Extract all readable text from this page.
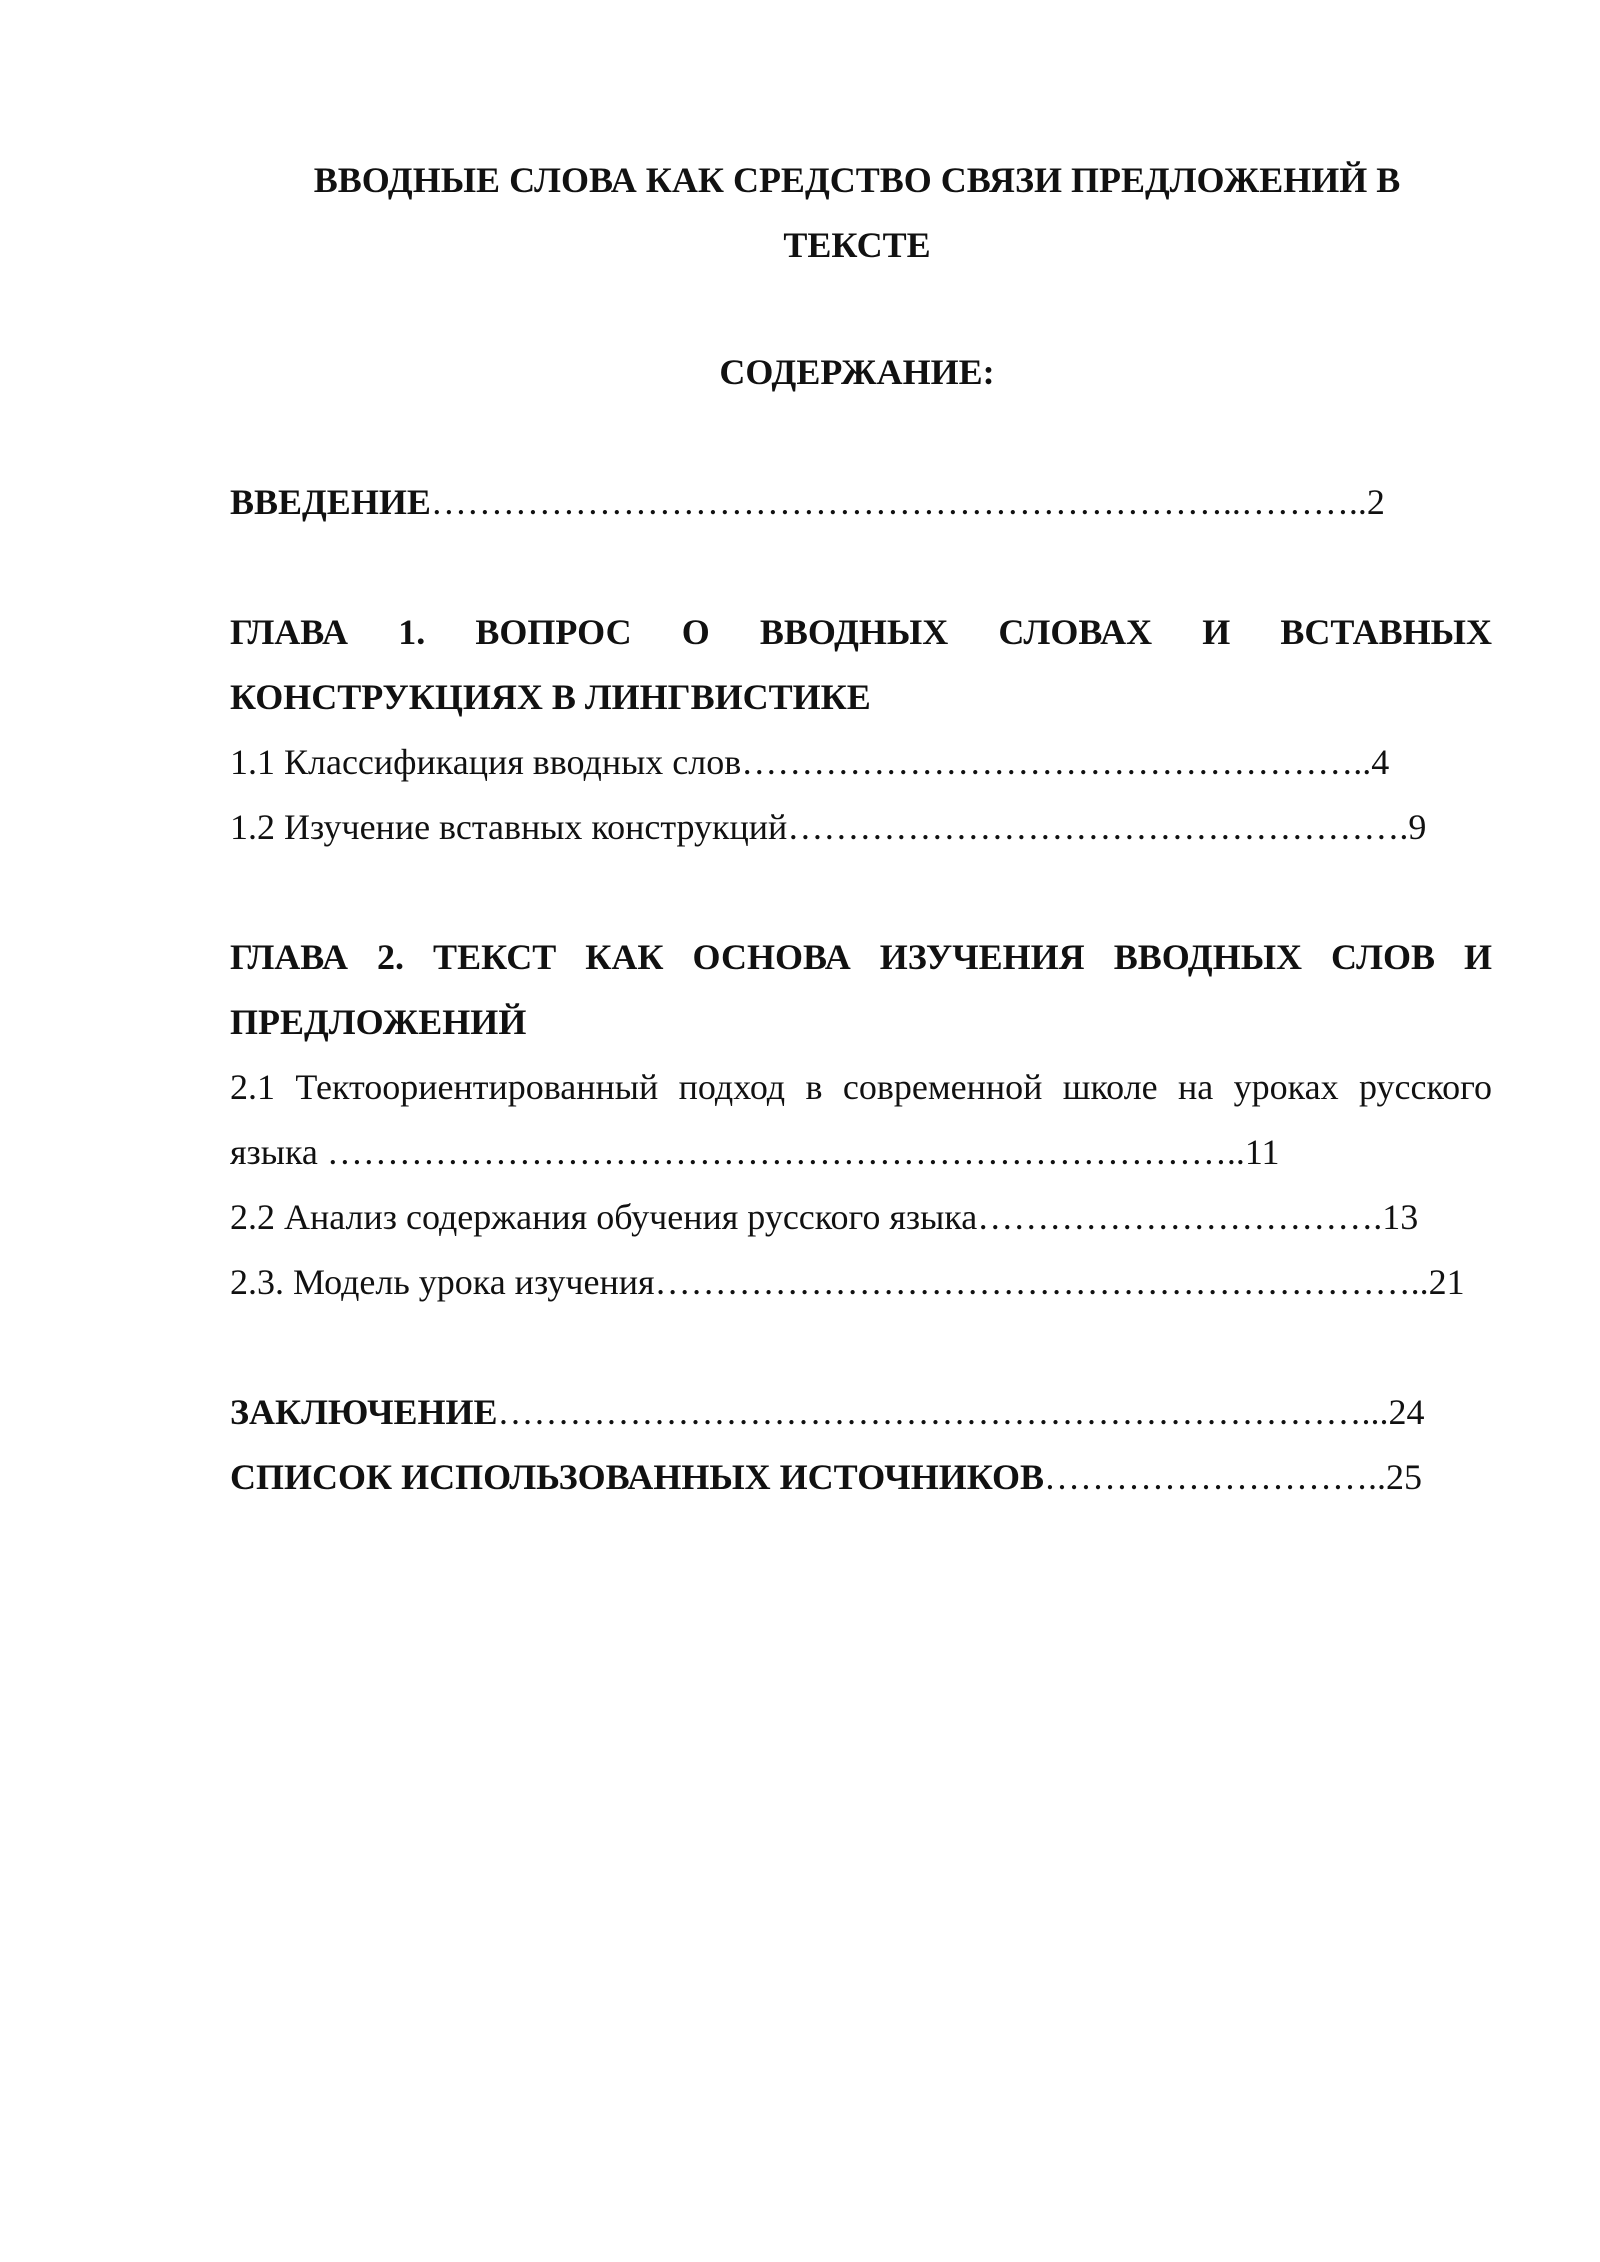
ВВОДНЫЕ СЛОВА КАК СРЕДСТВО СВЯЗИ ПРЕДЛОЖЕНИЙ В
ТЕКСТЕ
СОДЕРЖАНИЕ:
ВВЕДЕНИЕ…………………………………………………………..………..2
ГЛАВА 1. ВОПРОС О ВВОДНЫХ СЛОВАХ И ВСТАВНЫХ
КОНСТРУКЦИЯХ В ЛИНГВИСТИКЕ
1.1 Классификация вводных слов……………………………………………..4
1.2 Изучение вставных конструкций…………………………………………….9
ГЛАВА 2. ТЕКСТ КАК ОСНОВА ИЗУЧЕНИЯ ВВОДНЫХ СЛОВ И
ПРЕДЛОЖЕНИЙ
2.1 Тектоориентированный подход в современной школе на уроках русского
языка …………………………………………………………………..11
2.2 Анализ содержания обучения русского языка…………………………….13
2.3. Модель урока изучения………………………………………………………..21
ЗАКЛЮЧЕНИЕ………………………………………………………………...24
СПИСОК ИСПОЛЬЗОВАННЫХ ИСТОЧНИКОВ………………………..25
